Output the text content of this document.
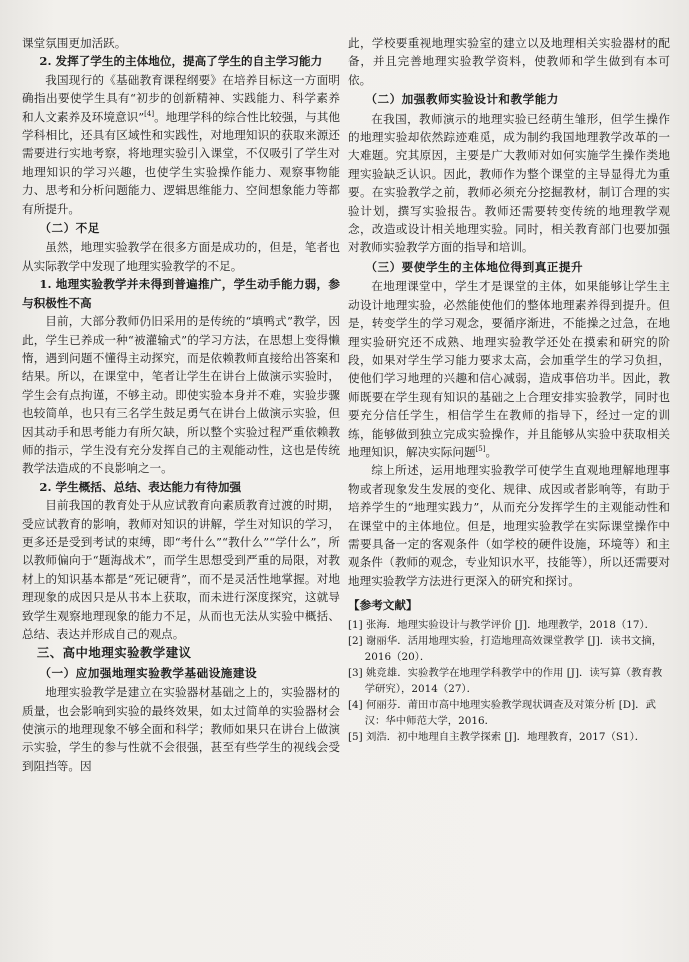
课堂氛围更加活跃。

2. 发挥了学生的主体地位，提高了学生的自主学习能力

我国现行的《基础教育课程纲要》在培养目标这一方面明确指出要使学生具有“初步的创新精神、实践能力、科学素养和人文素养及环境意识”[4]。地理学科的综合性比较强，与其他学科相比，还具有区域性和实践性，对地理知识的获取来源还需要进行实地考察，将地理实验引入课堂，不仅吸引了学生对地理知识的学习兴趣，也使学生实验操作能力、观察事物能力、思考和分析问题能力、逻辑思维能力、空间想象能力等都有所提升。

（二）不足

虽然，地理实验教学在很多方面是成功的，但是，笔者也从实际教学中发现了地理实验教学的不足。

1. 地理实验教学并未得到普遍推广，学生动手能力弱，参与积极性不高

目前，大部分教师仍旧采用的是传统的“填鸭式”教学，因此，学生已养成一种“被灌输式”的学习方法，在思想上变得懒惰，遇到问题不懂得主动探究，而是依赖教师直接给出答案和结果。所以，在课堂中，笔者让学生在讲台上做演示实验时，学生会有点拘谨，不够主动。即使实验本身并不难，实验步骤也较简单，也只有三名学生鼓足勇气在讲台上做演示实验，但因其动手和思考能力有所欠缺，所以整个实验过程严重依赖教师的指示，学生没有充分发挥自己的主观能动性，这也是传统教学法造成的不良影响之一。

2. 学生概括、总结、表达能力有待加强

目前我国的教育处于从应试教育向素质教育过渡的时期，受应试教育的影响，教师对知识的讲解，学生对知识的学习，更多还是受到考试的束缚，即“考什么”“教什么”“学什么”，所以教师偏向于“题海战术”，而学生思想受到严重的局限，对教材上的知识基本都是“死记硬背”，而不是灵活性地掌握。对地理现象的成因只是从书本上获取，而未进行深度探究，这就导致学生观察地理现象的能力不足，从而也无法从实验中概括、总结、表达并形成自己的观点。

三、高中地理实验教学建议

（一）应加强地理实验教学基础设施建设

地理实验教学是建立在实验器材基础之上的，实验器材的质量，也会影响到实验的最终效果，如太过简单的实验器材会使演示的地理现象不够全面和科学；教师如果只在讲台上做演示实验，学生的参与性就不会很强，甚至有些学生的视线会受到阻挡等。因

此，学校要重视地理实验室的建立以及地理相关实验器材的配备，并且完善地理实验教学资料，使教师和学生做到有本可依。

（二）加强教师实验设计和教学能力

在我国，教师演示的地理实验已经萌生雏形，但学生操作的地理实验却依然踪迹难觅，成为制约我国地理教学改革的一大难题。究其原因，主要是广大教师对如何实施学生操作类地理实验缺乏认识。因此，教师作为整个课堂的主导显得尤为重要。在实验教学之前，教师必须充分挖掘教材，制订合理的实验计划，撰写实验报告。教师还需要转变传统的地理教学观念，改造或设计相关地理实验。同时，相关教育部门也要加强对教师实验教学方面的指导和培训。

（三）要使学生的主体地位得到真正提升

在地理课堂中，学生才是课堂的主体，如果能够让学生主动设计地理实验，必然能使他们的整体地理素养得到提升。但是，转变学生的学习观念，要循序渐进，不能操之过急，在地理实验研究还不成熟、地理实验教学还处在摸索和研究的阶段，如果对学生学习能力要求太高，会加重学生的学习负担，使他们学习地理的兴趣和信心减弱，造成事倍功半。因此，教师既要在学生现有知识的基础之上合理安排实验教学，同时也要充分信任学生，相信学生在教师的指导下，经过一定的训练，能够做到独立完成实验操作，并且能够从实验中获取相关地理知识，解决实际问题[5]。

综上所述，运用地理实验教学可使学生直观地理解地理事物或者现象发生发展的变化、规律、成因或者影响等，有助于培养学生的“地理实践力”，从而充分发挥学生的主观能动性和在课堂中的主体地位。但是，地理实验教学在实际课堂操作中需要具备一定的客观条件（如学校的硬件设施，环境等）和主观条件（教师的观念，专业知识水平，技能等），所以还需要对地理实验教学方法进行更深入的研究和探讨。

【参考文献】

[1] 张海．地理实验设计与教学评价 [J]．地理教学，2018（17）．

[2] 谢丽华．活用地理实验，打造地理高效课堂教学 [J]．读书文摘，2016（20）．

[3] 姚竞雄．实验教学在地理学科教学中的作用 [J]．读写算（教育教学研究），2014（27）．

[4] 何丽芬．莆田市高中地理实验教学现状调查及对策分析 [D]．武汉：华中师范大学，2016．

[5] 刘浩．初中地理自主教学探索 [J]．地理教育，2017（S1）．
